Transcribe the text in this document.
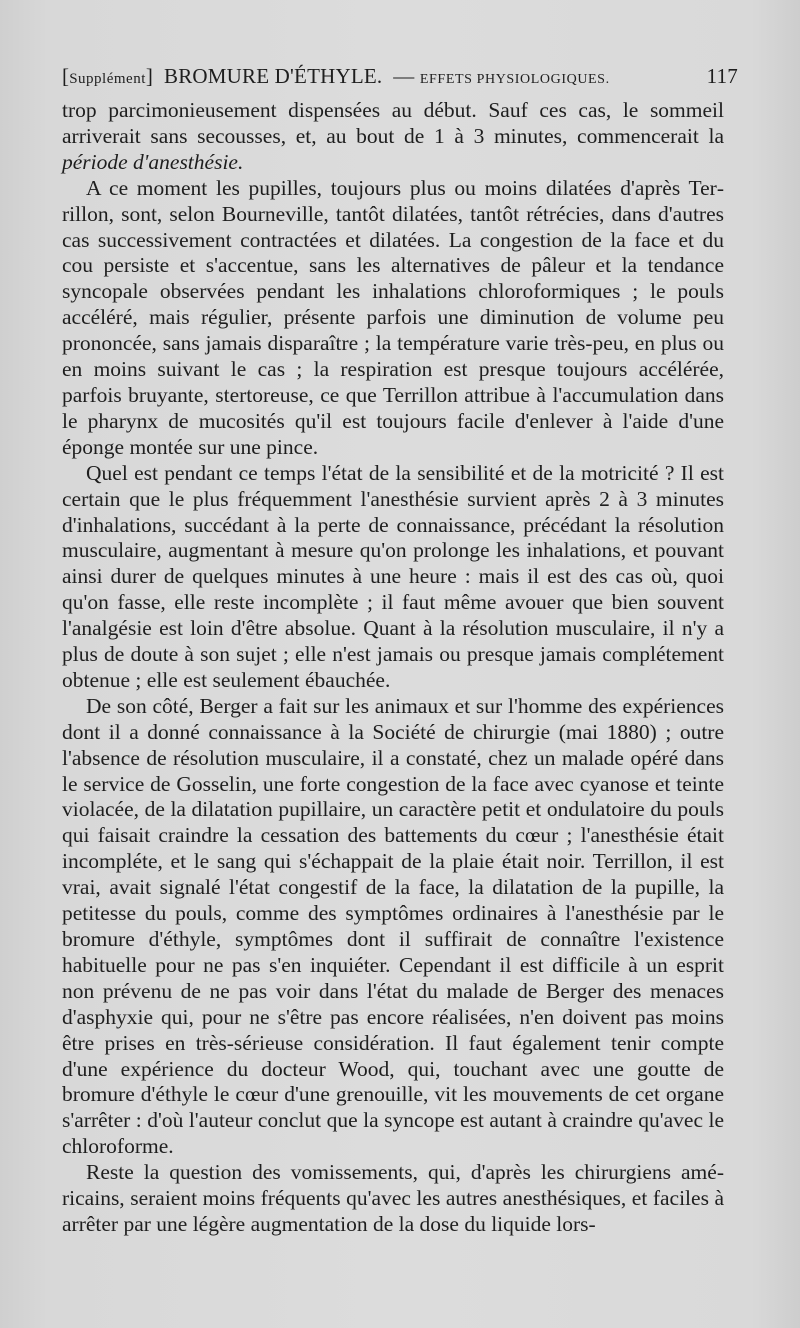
[Supplément] BROMURE D'ÉTHYLE. — EFFETS PHYSIOLOGIQUES.	117

trop parcimonieusement dispensées au début. Sauf ces cas, le sommeil arriverait sans secousses, et, au bout de 1 à 3 minutes, commencerait la période d'anesthésie.

A ce moment les pupilles, toujours plus ou moins dilatées d'après Terrillon, sont, selon Bourneville, tantôt dilatées, tantôt rétrécies, dans d'autres cas successivement contractées et dilatées. La congestion de la face et du cou persiste et s'accentue, sans les alternatives de pâleur et la tendance syncopale observées pendant les inhalations chloroformiques ; le pouls accéléré, mais régulier, présente parfois une diminution de volume peu prononcée, sans jamais disparaître ; la température varie très-peu, en plus ou en moins suivant le cas ; la respiration est presque toujours accélérée, parfois bruyante, stertoreuse, ce que Terrillon attribue à l'accumulation dans le pharynx de mucosités qu'il est toujours facile d'enlever à l'aide d'une éponge montée sur une pince.

Quel est pendant ce temps l'état de la sensibilité et de la motricité ? Il est certain que le plus fréquemment l'anesthésie survient après 2 à 3 minutes d'inhalations, succédant à la perte de connaissance, précédant la résolution musculaire, augmentant à mesure qu'on prolonge les inhalations, et pouvant ainsi durer de quelques minutes à une heure : mais il est des cas où, quoi qu'on fasse, elle reste incomplète ; il faut même avouer que bien souvent l'analgésie est loin d'être absolue. Quant à la résolution musculaire, il n'y a plus de doute à son sujet ; elle n'est jamais ou presque jamais complétement obtenue ; elle est seulement ébauchée.

De son côté, Berger a fait sur les animaux et sur l'homme des expériences dont il a donné connaissance à la Société de chirurgie (mai 1880) ; outre l'absence de résolution musculaire, il a constaté, chez un malade opéré dans le service de Gosselin, une forte congestion de la face avec cyanose et teinte violacée, de la dilatation pupillaire, un caractère petit et ondulatoire du pouls qui faisait craindre la cessation des battements du cœur ; l'anesthésie était incompléte, et le sang qui s'échappait de la plaie était noir. Terrillon, il est vrai, avait signalé l'état congestif de la face, la dilatation de la pupille, la petitesse du pouls, comme des symptômes ordinaires à l'anesthésie par le bromure d'éthyle, symptômes dont il suffirait de connaître l'existence habituelle pour ne pas s'en inquiéter. Cependant il est difficile à un esprit non prévenu de ne pas voir dans l'état du malade de Berger des menaces d'asphyxie qui, pour ne s'être pas encore réalisées, n'en doivent pas moins être prises en très-sérieuse considération. Il faut également tenir compte d'une expérience du docteur Wood, qui, touchant avec une goutte de bromure d'éthyle le cœur d'une grenouille, vit les mouvements de cet organe s'arrêter : d'où l'auteur conclut que la syncope est autant à craindre qu'avec le chloroforme.

Reste la question des vomissements, qui, d'après les chirurgiens américains, seraient moins fréquents qu'avec les autres anesthésiques, et faciles à arrêter par une légère augmentation de la dose du liquide lors-
